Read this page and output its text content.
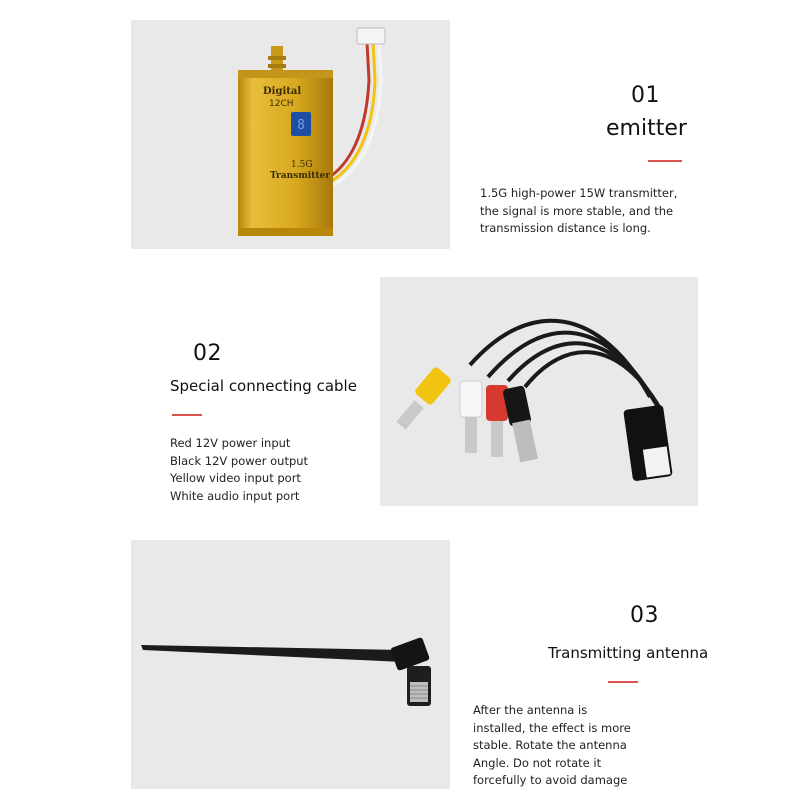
8
Digital
12CH
1.5G
Transmitter
01
emitter
1.5G high-power 15W transmitter, the signal is more stable, and the transmission distance is long.
02
Special connecting cable
Red 12V power input Black 12V power output Yellow video input port White audio input port
03
Transmitting antenna
After the antenna is installed, the effect is more stable. Rotate the antenna Angle. Do not rotate it forcefully to avoid damage
